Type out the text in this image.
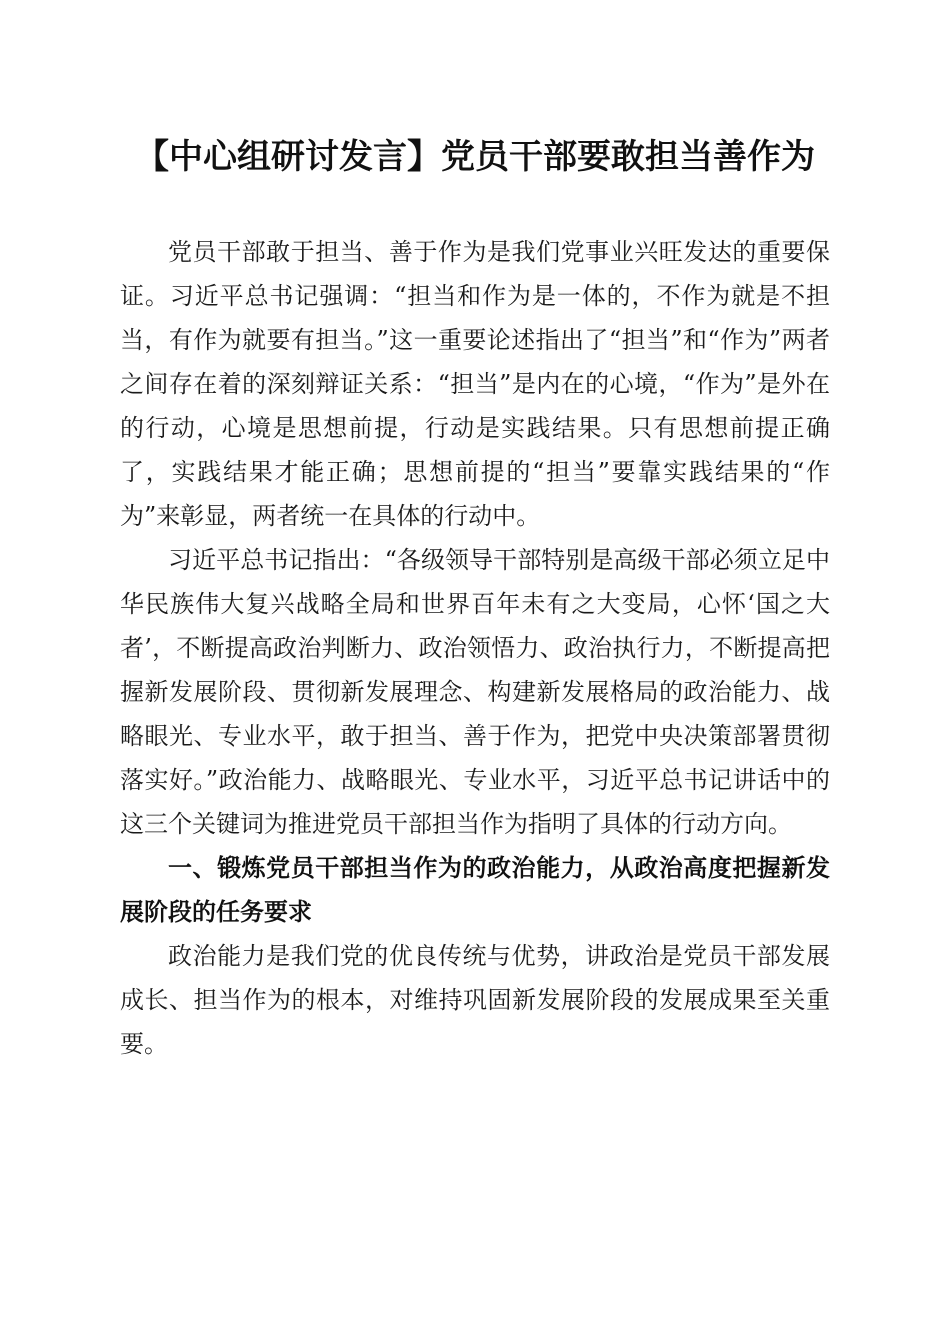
【中心组研讨发言】党员干部要敢担当善作为

党员干部敢于担当、善于作为是我们党事业兴旺发达的重要保证。习近平总书记强调：“担当和作为是一体的，不作为就是不担当，有作为就要有担当。”这一重要论述指出了“担当”和“作为”两者之间存在着的深刻辩证关系：“担当”是内在的心境，“作为”是外在的行动，心境是思想前提，行动是实践结果。只有思想前提正确了，实践结果才能正确；思想前提的“担当”要靠实践结果的“作为”来彰显，两者统一在具体的行动中。

习近平总书记指出：“各级领导干部特别是高级干部必须立足中华民族伟大复兴战略全局和世界百年未有之大变局，心怀‘国之大者’，不断提高政治判断力、政治领悟力、政治执行力，不断提高把握新发展阶段、贯彻新发展理念、构建新发展格局的政治能力、战略眼光、专业水平，敢于担当、善于作为，把党中央决策部署贯彻落实好。”政治能力、战略眼光、专业水平，习近平总书记讲话中的这三个关键词为推进党员干部担当作为指明了具体的行动方向。

一、锻炼党员干部担当作为的政治能力，从政治高度把握新发展阶段的任务要求

政治能力是我们党的优良传统与优势，讲政治是党员干部发展成长、担当作为的根本，对维持巩固新发展阶段的发展成果至关重要。
